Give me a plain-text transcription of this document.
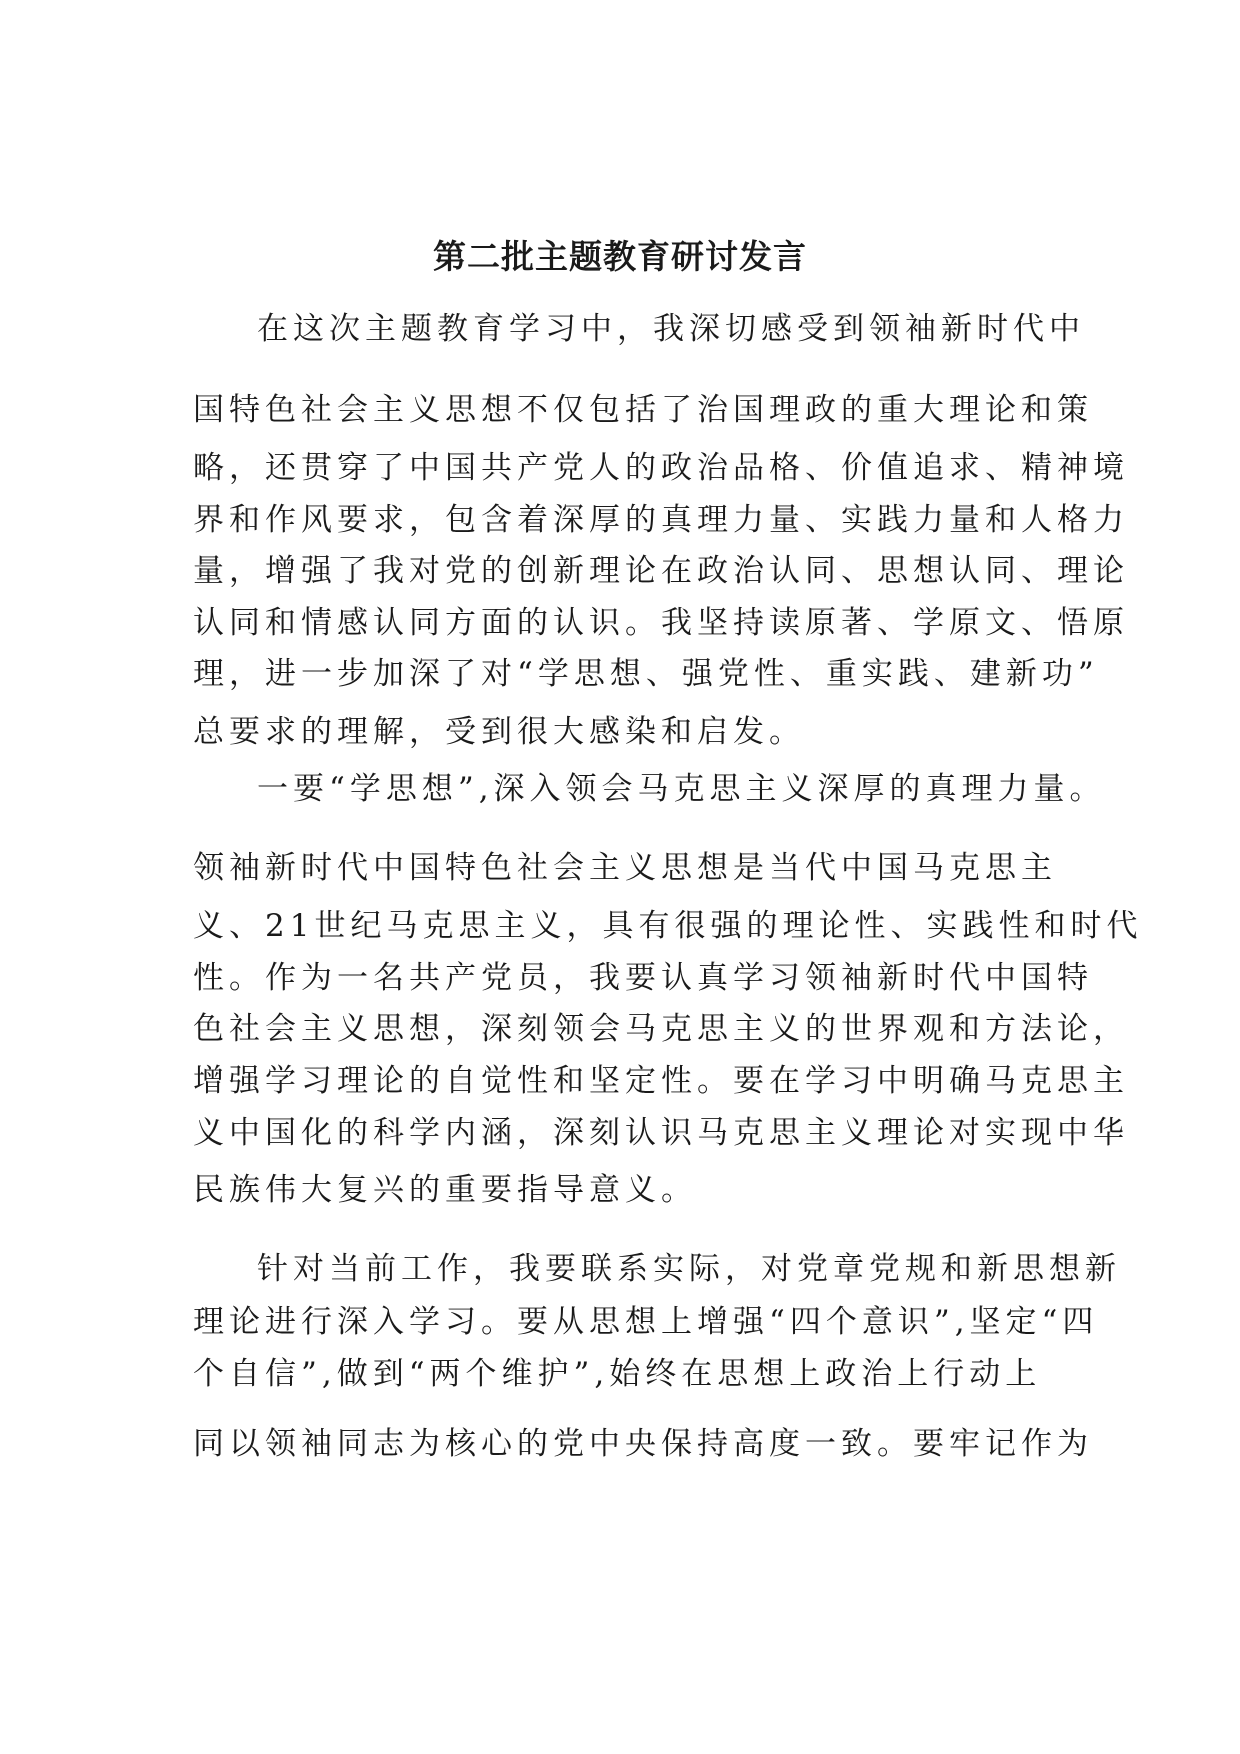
第二批主题教育研讨发言
在这次主题教育学习中，我深切感受到领袖新时代中
国特色社会主义思想不仅包括了治国理政的重大理论和策
略，还贯穿了中国共产党人的政治品格、价值追求、精神境
界和作风要求，包含着深厚的真理力量、实践力量和人格力
量，增强了我对党的创新理论在政治认同、思想认同、理论
认同和情感认同方面的认识。我坚持读原著、学原文、悟原
理，进一步加深了对“学思想、强党性、重实践、建新功”
总要求的理解，受到很大感染和启发。
一要“学思想”,深入领会马克思主义深厚的真理力量。
领袖新时代中国特色社会主义思想是当代中国马克思主
义、21世纪马克思主义，具有很强的理论性、实践性和时代
性。作为一名共产党员，我要认真学习领袖新时代中国特
色社会主义思想，深刻领会马克思主义的世界观和方法论，
增强学习理论的自觉性和坚定性。要在学习中明确马克思主
义中国化的科学内涵，深刻认识马克思主义理论对实现中华
民族伟大复兴的重要指导意义。
针对当前工作，我要联系实际，对党章党规和新思想新
理论进行深入学习。要从思想上增强“四个意识”,坚定“四
个自信”,做到“两个维护”,始终在思想上政治上行动上
同以领袖同志为核心的党中央保持高度一致。要牢记作为
